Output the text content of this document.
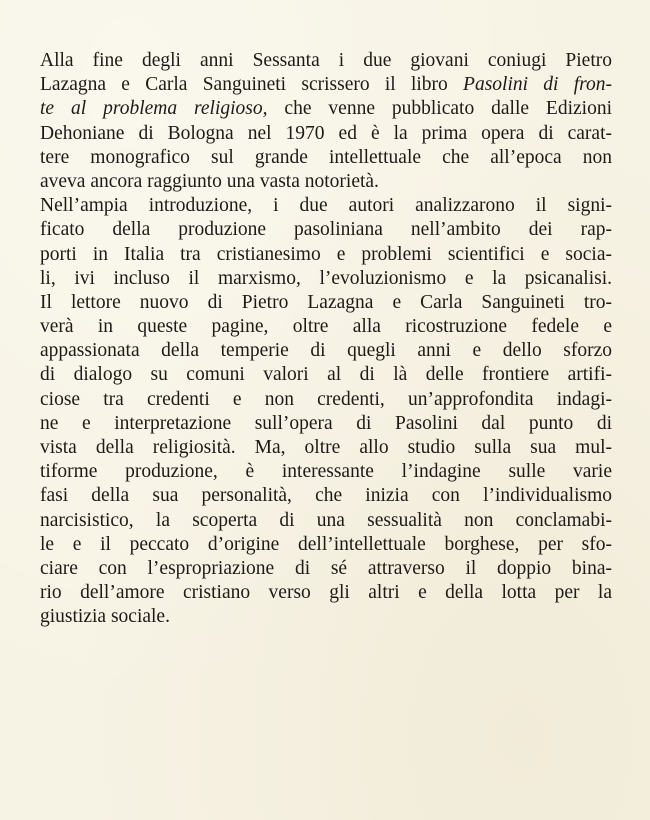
Alla fine degli anni Sessanta i due giovani coniugi Pietro
Lazagna e Carla Sanguineti scrissero il libro Pasolini di fron-
te al problema religioso, che venne pubblicato dalle Edizioni
Dehoniane di Bologna nel 1970 ed è la prima opera di carat-
tere monografico sul grande intellettuale che all’epoca non
aveva ancora raggiunto una vasta notorietà.
Nell’ampia introduzione, i due autori analizzarono il signi-
ficato della produzione pasoliniana nell’ambito dei rap-
porti in Italia tra cristianesimo e problemi scientifici e socia-
li, ivi incluso il marxismo, l’evoluzionismo e la psicanalisi.
Il lettore nuovo di Pietro Lazagna e Carla Sanguineti tro-
verà in queste pagine, oltre alla ricostruzione fedele e
appassionata della temperie di quegli anni e dello sforzo
di dialogo su comuni valori al di là delle frontiere artifi-
ciose tra credenti e non credenti, un’approfondita indagi-
ne e interpretazione sull’opera di Pasolini dal punto di
vista della religiosità. Ma, oltre allo studio sulla sua mul-
tiforme produzione, è interessante l’indagine sulle varie
fasi della sua personalità, che inizia con l’individualismo
narcisistico, la scoperta di una sessualità non conclamabi-
le e il peccato d’origine dell’intellettuale borghese, per sfo-
ciare con l’espropriazione di sé attraverso il doppio bina-
rio dell’amore cristiano verso gli altri e della lotta per la
giustizia sociale.
